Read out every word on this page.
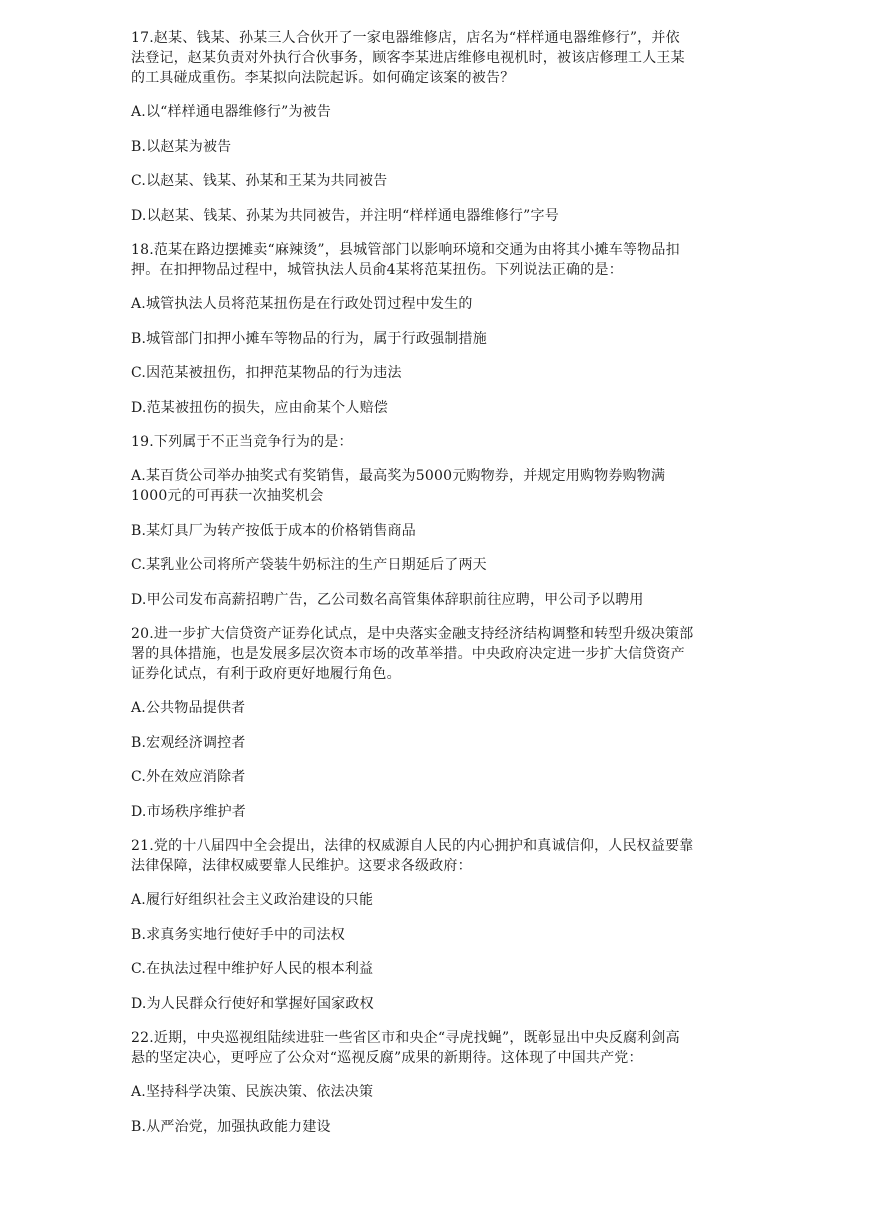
17.赵某、钱某、孙某三人合伙开了一家电器维修店，店名为“样样通电器维修行”，并依
法登记，赵某负责对外执行合伙事务，顾客李某进店维修电视机时，被该店修理工人王某
的工具碰成重伤。李某拟向法院起诉。如何确定该案的被告？

A.以“样样通电器维修行”为被告

B.以赵某为被告

C.以赵某、钱某、孙某和王某为共同被告

D.以赵某、钱某、孙某为共同被告，并注明“样样通电器维修行”字号

18.范某在路边摆摊卖“麻辣烫”，县城管部门以影响环境和交通为由将其小摊车等物品扣
押。在扣押物品过程中，城管执法人员俞4某将范某扭伤。下列说法正确的是：

A.城管执法人员将范某扭伤是在行政处罚过程中发生的

B.城管部门扣押小摊车等物品的行为，属于行政强制措施

C.因范某被扭伤，扣押范某物品的行为违法

D.范某被扭伤的损失，应由俞某个人赔偿

19.下列属于不正当竞争行为的是：

A.某百货公司举办抽奖式有奖销售，最高奖为5000元购物券，并规定用购物券购物满
1000元的可再获一次抽奖机会

B.某灯具厂为转产按低于成本的价格销售商品

C.某乳业公司将所产袋装牛奶标注的生产日期延后了两天

D.甲公司发布高薪招聘广告，乙公司数名高管集体辞职前往应聘，甲公司予以聘用

20.进一步扩大信贷资产证券化试点，是中央落实金融支持经济结构调整和转型升级决策部
署的具体措施，也是发展多层次资本市场的改革举措。中央政府决定进一步扩大信贷资产
证券化试点，有利于政府更好地履行角色。

A.公共物品提供者

B.宏观经济调控者

C.外在效应消除者

D.市场秩序维护者

21.党的十八届四中全会提出，法律的权威源自人民的内心拥护和真诚信仰，人民权益要靠
法律保障，法律权威要靠人民维护。这要求各级政府：

A.履行好组织社会主义政治建设的只能

B.求真务实地行使好手中的司法权

C.在执法过程中维护好人民的根本利益

D.为人民群众行使好和掌握好国家政权

22.近期，中央巡视组陆续进驻一些省区市和央企“寻虎找蝇”，既彰显出中央反腐利剑高
悬的坚定决心，更呼应了公众对“巡视反腐”成果的新期待。这体现了中国共产党：

A.坚持科学决策、民族决策、依法决策

B.从严治党，加强执政能力建设
